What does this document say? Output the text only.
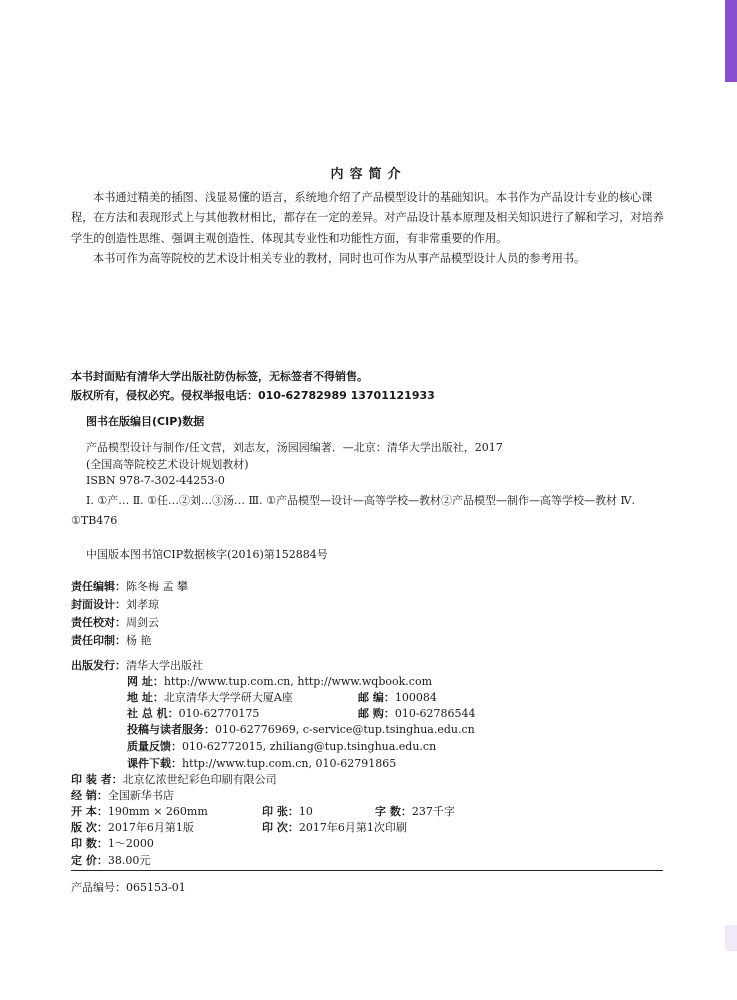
内容简介

本书通过精美的插图、浅显易懂的语言，系统地介绍了产品模型设计的基础知识。本书作为产品设计专业的核心课程，在方法和表现形式上与其他教材相比，都存在一定的差异。对产品设计基本原理及相关知识进行了解和学习，对培养学生的创造性思维、强调主观创造性、体现其专业性和功能性方面，有非常重要的作用。

本书可作为高等院校的艺术设计相关专业的教材，同时也可作为从事产品模型设计人员的参考用书。

本书封面贴有清华大学出版社防伪标签，无标签者不得销售。
版权所有，侵权必究。侵权举报电话：010-62782989 13701121933
图书在版编目(CIP)数据
产品模型设计与制作/任文营，刘志友，汤园园编著．—北京：清华大学出版社，2017
(全国高等院校艺术设计规划教材)
ISBN 978-7-302-44253-0
Ⅰ. ①产… Ⅱ. ①任…②刘…③汤… Ⅲ. ①产品模型—设计—高等学校—教材②产品模型—制作—高等学校—教材 Ⅳ. ①TB476
中国版本图书馆CIP数据核字(2016)第152884号
责任编辑：陈冬梅 孟 攀
封面设计：刘孝琼
责任校对：周剑云
责任印制：杨 艳
出版发行：清华大学出版社
网 址：http://www.tup.com.cn, http://www.wqbook.com
地 址：北京清华大学学研大厦A座	邮 编：100084
社 总 机：010-62770175	邮 购：010-62786544
投稿与读者服务：010-62776969, c-service@tup.tsinghua.edu.cn
质量反馈：010-62772015, zhiliang@tup.tsinghua.edu.cn
课件下载：http://www.tup.com.cn, 010-62791865
印 装 者：北京亿浓世纪彩色印刷有限公司
经 销：全国新华书店
开 本：190mm × 260mm	印 张：10	字 数：237千字
版 次：2017年6月第1版	印 次：2017年6月第1次印刷
印 数：1～2000
定 价：38.00元
产品编号：065153-01
